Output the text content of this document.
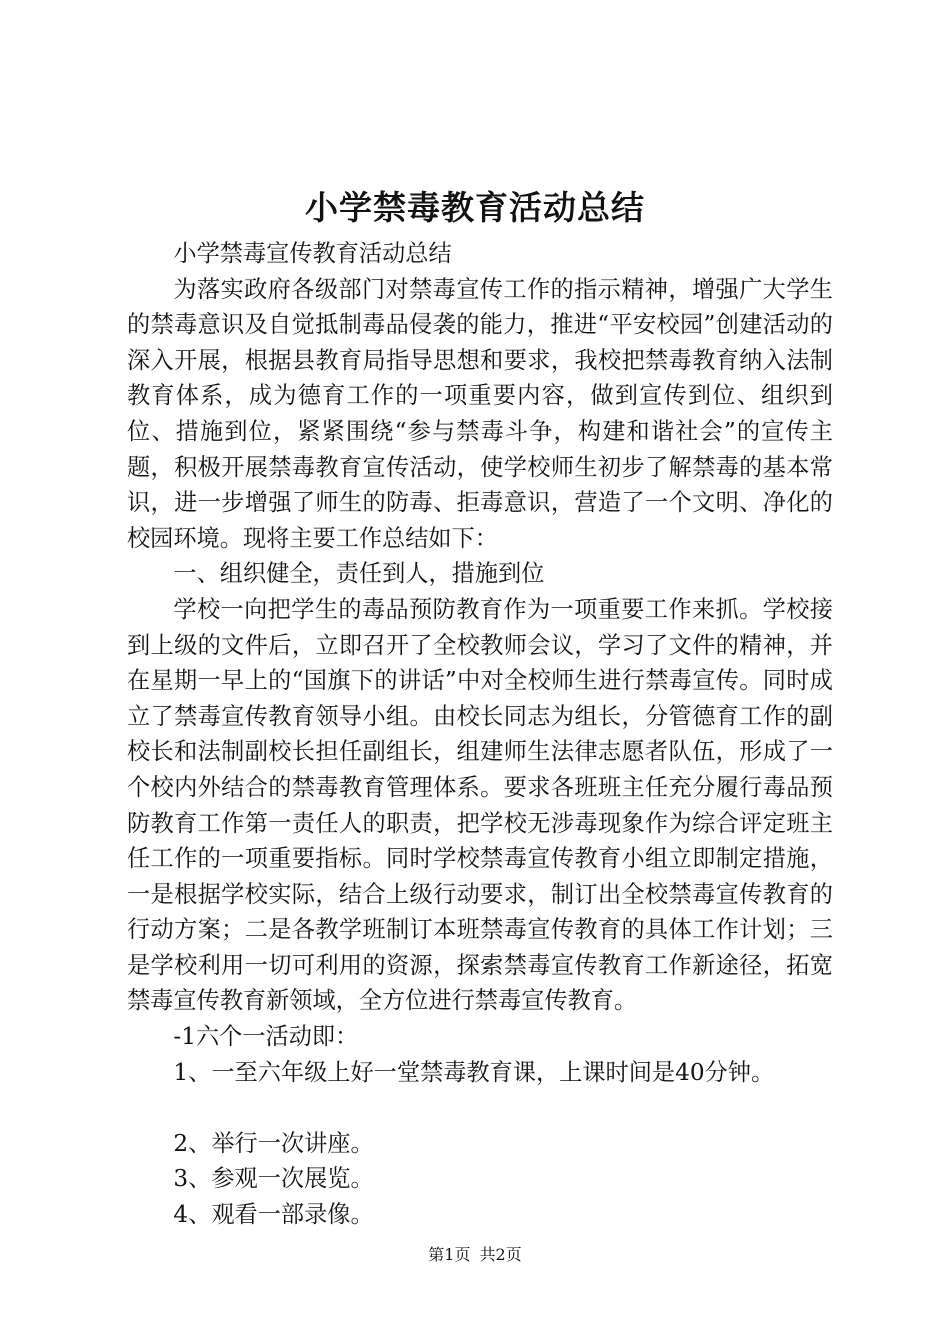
小学禁毒教育活动总结

小学禁毒宣传教育活动总结

为落实政府各级部门对禁毒宣传工作的指示精神，增强广大学生的禁毒意识及自觉抵制毒品侵袭的能力，推进“平安校园”创建活动的深入开展，根据县教育局指导思想和要求，我校把禁毒教育纳入法制教育体系，成为德育工作的一项重要内容，做到宣传到位、组织到位、措施到位，紧紧围绕“参与禁毒斗争，构建和谐社会”的宣传主题，积极开展禁毒教育宣传活动，使学校师生初步了解禁毒的基本常识，进一步增强了师生的防毒、拒毒意识，营造了一个文明、净化的校园环境。现将主要工作总结如下：

一、组织健全，责任到人，措施到位

学校一向把学生的毒品预防教育作为一项重要工作来抓。学校接到上级的文件后，立即召开了全校教师会议，学习了文件的精神，并在星期一早上的“国旗下的讲话”中对全校师生进行禁毒宣传。同时成立了禁毒宣传教育领导小组。由校长同志为组长，分管德育工作的副校长和法制副校长担任副组长，组建师生法律志愿者队伍，形成了一个校内外结合的禁毒教育管理体系。要求各班班主任充分履行毒品预防教育工作第一责任人的职责，把学校无涉毒现象作为综合评定班主任工作的一项重要指标。同时学校禁毒宣传教育小组立即制定措施，一是根据学校实际，结合上级行动要求，制订出全校禁毒宣传教育的行动方案；二是各教学班制订本班禁毒宣传教育的具体工作计划；三是学校利用一切可利用的资源，探索禁毒宣传教育工作新途径，拓宽禁毒宣传教育新领域，全方位进行禁毒宣传教育。

-1六个一活动即：

1、一至六年级上好一堂禁毒教育课，上课时间是40分钟。

2、举行一次讲座。

3、参观一次展览。

4、观看一部录像。

第1页 共2页
